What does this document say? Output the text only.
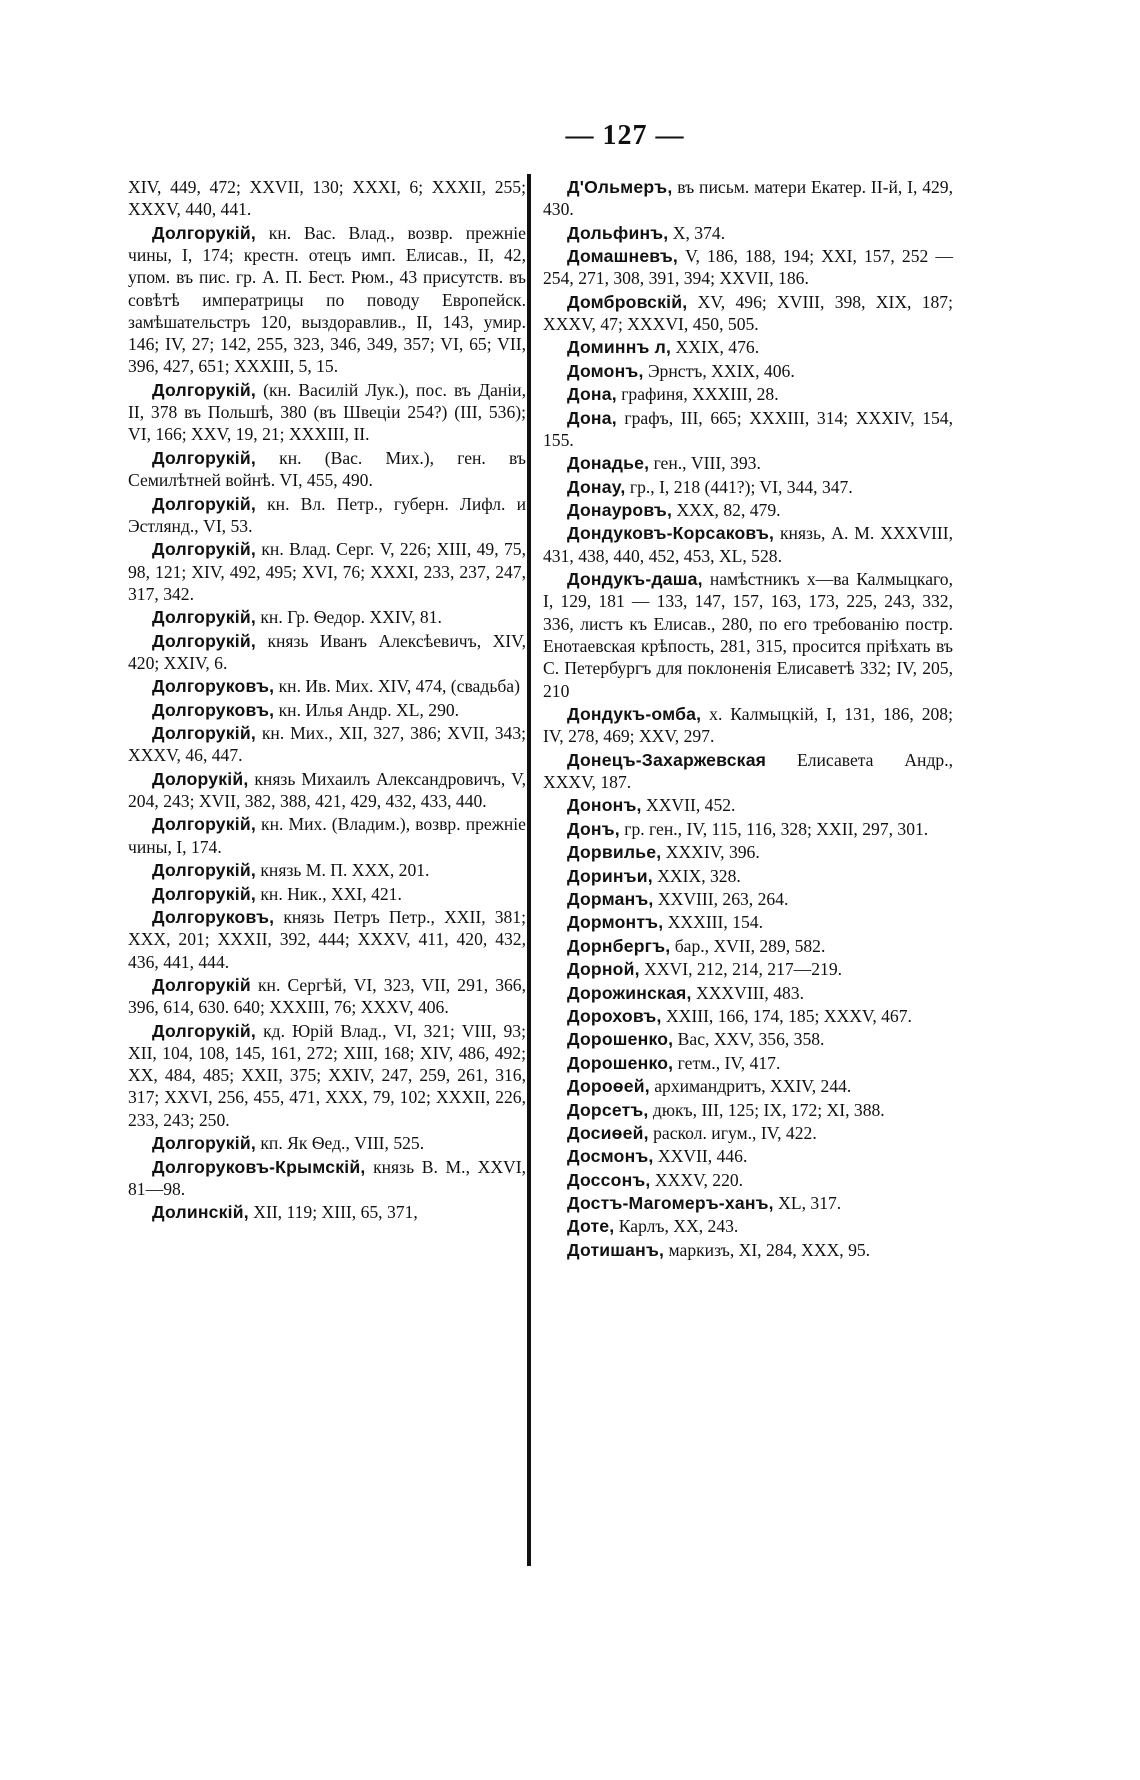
— 127 —

XIV, 449, 472; XXVII, 130; XXXI, 6; XXXII, 255; XXXV, 440, 441.

Долгорукій, кн. Вас. Влад., возвр. прежніе чины, I, 174; крестн. отецъ имп. Елисав., II, 42, упом. въ пис. гр. А. П. Бест. Рюм., 43 присутств. въ совѣтѣ императрицы по поводу Европейск. замѣшательстръ 120, выздоравлив., II, 143, умир. 146; IV, 27; 142, 255, 323, 346, 349, 357; VI, 65; VII, 396, 427, 651; XXXIII, 5, 15.

Долгорукій, (кн. Василій Лук.), пос. въ Даніи, II, 378 въ Польшѣ, 380 (въ Швеціи 254?) (III, 536); VI, 166; XXV, 19, 21; XXXIII, II.

Долгорукій, кн. (Вас. Мих.), ген. въ Семилѣтней войнѣ. VI, 455, 490.

Долгорукій, кн. Вл. Петр., губерн. Лифл. и Эстлянд., VI, 53.

Долгорукій, кн. Влад. Серг. V, 226; XIII, 49, 75, 98, 121; XIV, 492, 495; XVI, 76; XXXI, 233, 237, 247, 317, 342.

Долгорукій, кн. Гр. Ѳедор. XXIV, 81.

Долгорукій, князь Иванъ Алексѣевичъ, XIV, 420; XXIV, 6.

Долгоруковъ, кн. Ив. Мих. XIV, 474, (свадьба)

Долгоруковъ, кн. Илья Андр. XL, 290.

Долгорукій, кн. Мих., XII, 327, 386; XVII, 343; XXXV, 46, 447.

Долорукій, князь Михаилъ Александровичъ, V, 204, 243; XVII, 382, 388, 421, 429, 432, 433, 440.

Долгорукій, кн. Мих. (Владим.), возвр. прежніе чины, I, 174.

Долгорукій, князь М. П. XXX, 201.

Долгорукій, кн. Ник., XXI, 421.

Долгоруковъ, князь Петръ Петр., XXII, 381; XXX, 201; XXXII, 392, 444; XXXV, 411, 420, 432, 436, 441, 444.

Долгорукій кн. Сергѣй, VI, 323, VII, 291, 366, 396, 614, 630. 640; XXXIII, 76; XXXV, 406.

Долгорукій, кд. Юрій Влад., VI, 321; VIII, 93; XII, 104, 108, 145, 161, 272; XIII, 168; XIV, 486, 492; XX, 484, 485; XXII, 375; XXIV, 247, 259, 261, 316, 317; XXVI, 256, 455, 471, XXX, 79, 102; XXXII, 226, 233, 243; 250.

Долгорукій, кп. Як Ѳед., VIII, 525.

Долгоруковъ-Крымскій, князь В. М., XXVI, 81—98.

Долинскій, XII, 119; XIII, 65, 371,

Д'Ольмеръ, въ письм. матери Екатер. II-й, I, 429, 430.

Дольфинъ, X, 374.

Домашневъ, V, 186, 188, 194; XXI, 157, 252 — 254, 271, 308, 391, 394; XXVII, 186.

Домбровскій, XV, 496; XVIII, 398, XIX, 187; XXXV, 47; XXXVI, 450, 505.

Доминнъ л, XXIX, 476.

Домонъ, Эрнстъ, XXIX, 406.

Дона, графиня, XXXIII, 28.

Дона, графъ, III, 665; XXXIII, 314; XXXIV, 154, 155.

Донадье, ген., VIII, 393.

Донау, гр., I, 218 (441?); VI, 344, 347.

Донауровъ, XXX, 82, 479.

Дондуковъ-Корсаковъ, князь, А. М. XXXVIII, 431, 438, 440, 452, 453, XL, 528.

Дондукъ-даша, намѣстникъ х—ва Калмыцкаго, I, 129, 181 — 133, 147, 157, 163, 173, 225, 243, 332, 336, листъ къ Елисав., 280, по его требованію постр. Енотаевская крѣпость, 281, 315, просится пріѣхать въ С. Петербургъ для поклоненія Елисаветѣ 332; IV, 205, 210

Дондукъ-омба, х. Калмыцкій, I, 131, 186, 208; IV, 278, 469; XXV, 297.

Донецъ-Захаржевская Елисавета Андр., XXXV, 187.

Дононъ, XXVII, 452.

Донъ, гр. ген., IV, 115, 116, 328; XXII, 297, 301.

Дорвилье, XXXIV, 396.

Доринъи, XXIX, 328.

Дорманъ, XXVIII, 263, 264.

Дормонтъ, XXXIII, 154.

Дорнбергъ, бар., XVII, 289, 582.

Дорной, XXVI, 212, 214, 217—219.

Дорожинская, XXXVIII, 483.

Дороховъ, XXIII, 166, 174, 185; XXXV, 467.

Дорошенко, Вас, XXV, 356, 358.

Дорошенко, гетм., IV, 417.

Дороѳей, архимандритъ, XXIV, 244.

Дорсетъ, дюкъ, III, 125; IX, 172; XI, 388.

Досиѳей, раскол. игум., IV, 422.

Досмонъ, XXVII, 446.

Доссонъ, XXXV, 220.

Достъ-Магомеръ-ханъ, XL, 317.

Доте, Карлъ, XX, 243.

Дотишанъ, маркизъ, XI, 284, XXX, 95.
